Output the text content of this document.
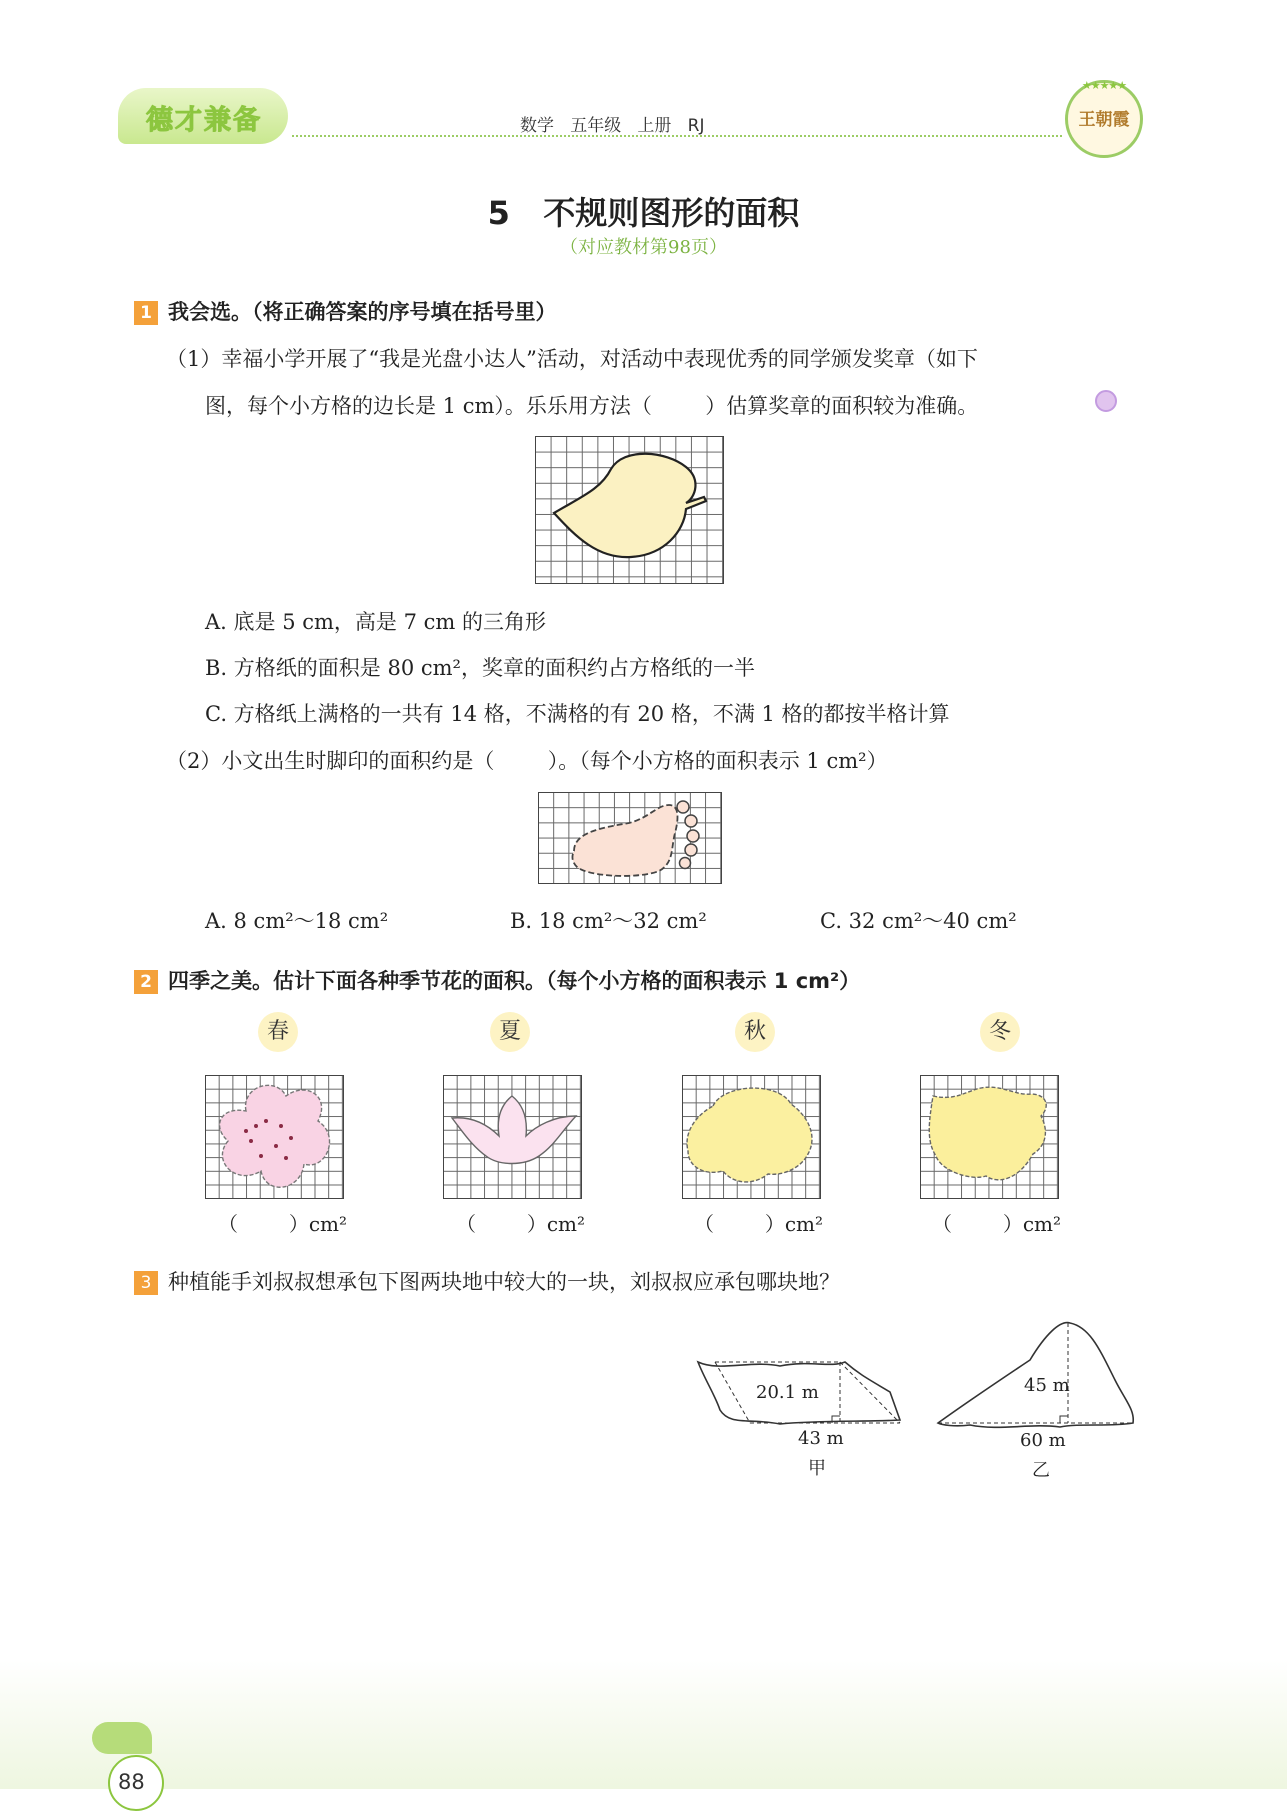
德才兼备	数学   五年级   上册   RJ
★★★★★
王朝霞
5   不规则图形的面积
（对应教材第98页）
1 我会选。（将正确答案的序号填在括号里）
（1）幸福小学开展了“我是光盘小达人”活动，对活动中表现优秀的同学颁发奖章（如下
图，每个小方格的边长是 1 cm）。乐乐用方法（        ）估算奖章的面积较为准确。
A. 底是 5 cm，高是 7 cm 的三角形
B. 方格纸的面积是 80 cm²，奖章的面积约占方格纸的一半
C. 方格纸上满格的一共有 14 格，不满格的有 20 格，不满 1 格的都按半格计算
（2）小文出生时脚印的面积约是（        ）。（每个小方格的面积表示 1 cm²）
A. 8 cm²～18 cm²	B. 18 cm²～32 cm²	C. 32 cm²～40 cm²
2 四季之美。估计下面各种季节花的面积。（每个小方格的面积表示 1 cm²）
春	夏	秋	冬
（        ）cm²	（        ）cm²	（        ）cm²	（        ）cm²
3 种植能手刘叔叔想承包下图两块地中较大的一块，刘叔叔应承包哪块地？
20.1 m
43 m
甲
45 m
60 m
乙
88
